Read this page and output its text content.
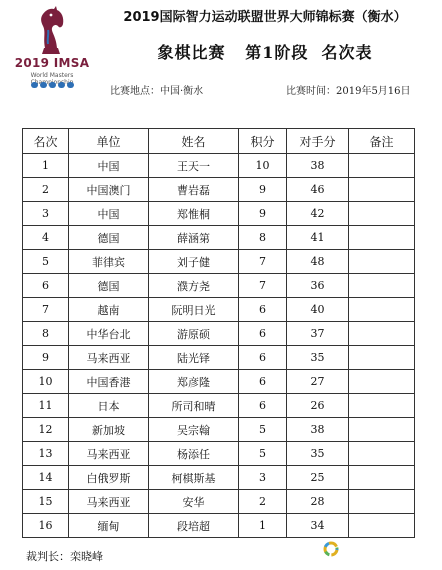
2019 IMSA
World Masters
2019国际智力运动联盟世界大师锦标赛（衡水）
象棋比赛   第1阶段  名次表
比赛地点：中国·衡水	比赛时间：2019年5月16日
名次	单位	姓名	积分	对手分	备注
1	中国	王天一	10	38	
2	中国澳门	曹岩磊	9	46	
3	中国	郑惟桐	9	42	
4	德国	薛涵第	8	41	
5	菲律宾	刘子健	7	48	
6	德国	濮方尧	7	36	
7	越南	阮明日光	6	40	
8	中华台北	游原硕	6	37	
9	马来西亚	陆光铎	6	35	
10	中国香港	郑彦隆	6	27	
11	日本	所司和晴	6	26	
12	新加坡	吴宗翰	5	38	
13	马来西亚	杨添任	5	35	
14	白俄罗斯	柯棋斯基	3	25	
15	马来西亚	安华	2	28	
16	缅甸	段培超	1	34	
裁判长：栾晓峰
